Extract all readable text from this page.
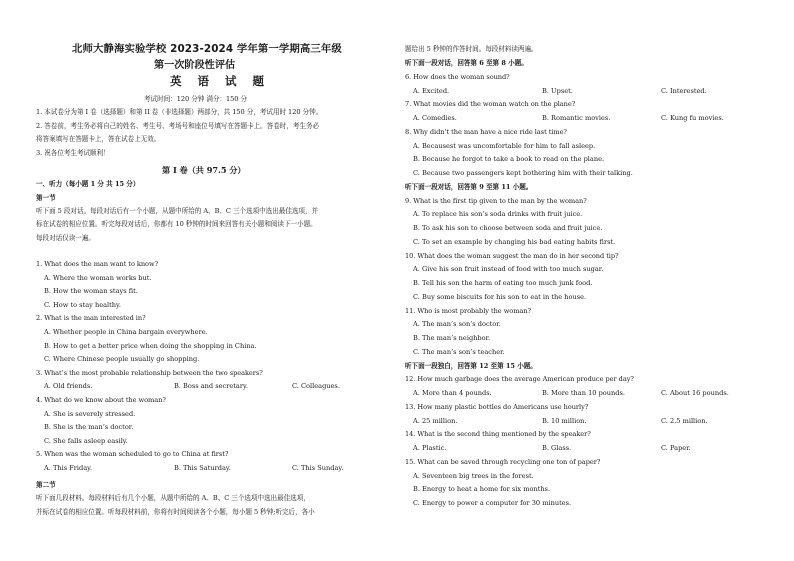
北师大静海实验学校 2023-2024 学年第一学期高三年级
第一次阶段性评估
英 语 试 题
考试时间：120 分钟 满分：150 分
1. 本试卷分为第 I 卷（选择题）和第 II 卷（非选择题）两部分，共 150 分，考试用时 120 分钟。
2. 答卷前，考生务必将自己的姓名、考生号、考场号和座位号填写在答题卡上。答卷时，考生务必
将答案填写在答题卡上，答在试卷上无效。
3. 祝各位考生考试顺利！
第 I 卷（共 97.5 分）
一、听力（每小题 1 分 共 15 分）
第一节
听下面 5 段对话。每段对话后有一个小题，从题中所给的 A、B、C 三个选项中选出最佳选项，并
标在试卷的相应位置。听完每段对话后，你都有 10 秒钟的时间来回答有关小题和阅读下一小题。
每段对话仅读一遍。
1. What does the man want to know?
A. Where the woman works but.
B. How the woman stays fit.
C. How to stay healthy.
2. What is the man interested in?
A. Whether people in China bargain everywhere.
B. How to get a better price when doing the shopping in China.
C. Where Chinese people usually go shopping.
3. What’s the most probable relationship between the two speakers?
A. Old friends.	B. Boss and secretary.	C. Colleagues.
4. What do we know about the woman?
A. She is severely stressed.
B. She is the man’s doctor.
C. She falls asleep easily.
5. When was the woman scheduled to go to China at first?
A. This Friday.	B. This Saturday.	C. This Sunday.
第二节
听下面几段材料。每段材料后有几个小题，从题中所给的 A、B、C 三个选项中选出最佳选项，
并标在试卷的相应位置。听每段材料前，你将有时间阅读各个小题，每小题 5 秒钟;听完后，各小
题给出 5 秒钟的作答时间。每段材料读两遍。
听下面一段对话，回答第 6 至第 8 小题。
6. How does the woman sound?
A. Excited.	B. Upset.	C. Interested.
7. What movies did the woman watch on the plane?
A. Comedies.	B. Romantic movies.	C. Kung fu movies.
8. Why didn’t the man have a nice ride last time?
A. Becausest was uncomfortable for him to fall asleep.
B. Because he forgot to take a book to read on the plane.
C. Because two passengers kept bothering him with their talking.
听下面一段对话，回答第 9 至第 11 小题。
9. What is the first tip given to the man by the woman?
A. To replace his son’s soda drinks with fruit juice.
B. To ask his son to choose between soda and fruit juice.
C. To set an example by changing his bad eating habits first.
10. What does the woman suggest the man do in her second tip?
A. Give his son fruit instead of food with too much sugar.
B. Tell his son the harm of eating too much junk food.
C. Buy some biscuits for his son to eat in the house.
11. Who is most probably the woman?
A. The man’s son’s doctor.
B. The man’s neighbor.
C. The man’s son’s teacher.
听下面一段独白，回答第 12 至第 15 小题。
12. How much garbage does the average American produce per day?
A. More than 4 pounds.	B. More than 10 pounds.	C. About 16 pounds.
13. How many plastic bottles do Americans use hourly?
A. 25 million.	B. 10 million.	C. 2.5 million.
14. What is the second thing mentioned by the speaker?
A. Plastic.	B. Glass.	C. Paper.
15. What can be saved through recycling one ton of paper?
A. Seventeen big trees in the forest.
B. Energy to heat a home for six months.
C. Energy to power a computer for 30 minutes.
